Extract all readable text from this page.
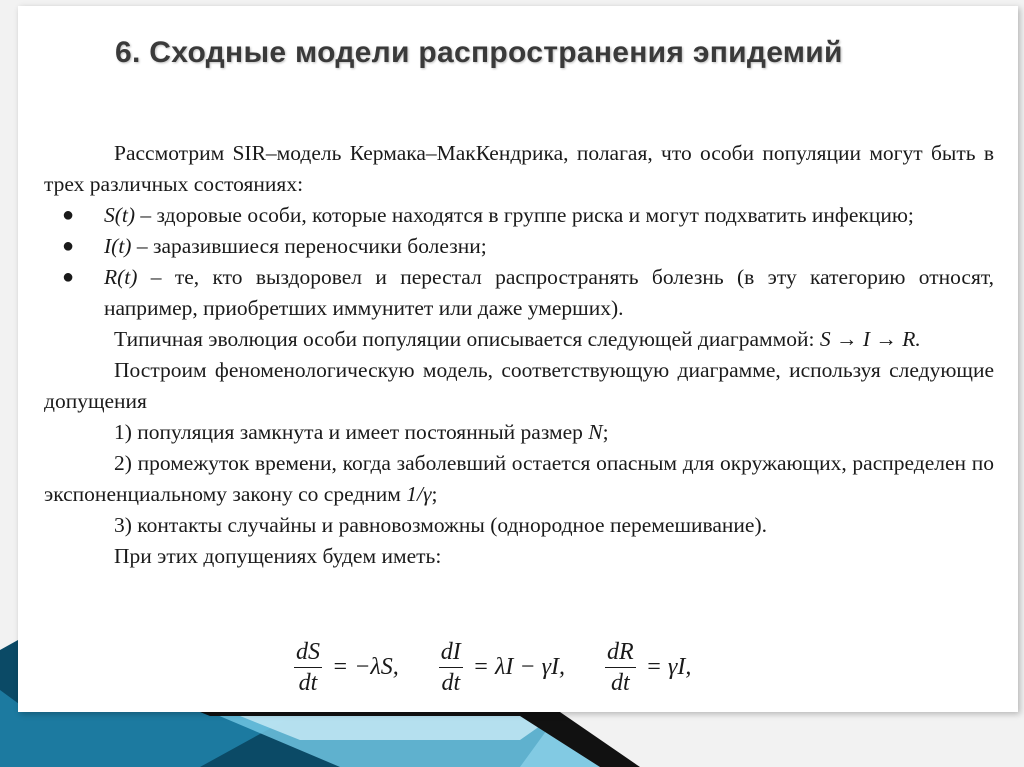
6. Сходные модели распространения эпидемий
Рассмотрим SIR–модель Кермака–МакКендрика, полагая, что особи популяции могут быть в трех различных состояниях:
● S(t) – здоровые особи, которые находятся в группе риска и могут подхватить инфекцию;
● I(t) – заразившиеся переносчики болезни;
● R(t) – те, кто выздоровел и перестал распространять болезнь (в эту категорию относят, например, приобретших иммунитет или даже умерших).
Типичная эволюция особи популяции описывается следующей диаграммой: S → I → R.
Построим феноменологическую модель, соответствующую диаграмме, используя следующие допущения
1) популяция замкнута и имеет постоянный размер N;
2) промежуток времени, когда заболевший остается опасным для окружающих, распределен по экспоненциальному закону со средним 1/γ;
3) контакты случайны и равновозможны (однородное перемешивание).
При этих допущениях будем иметь:
$\frac{dS}{dt} = -\lambda S$, $\frac{dI}{dt} = \lambda I - \gamma I$, $\frac{dR}{dt} = \gamma I$,
